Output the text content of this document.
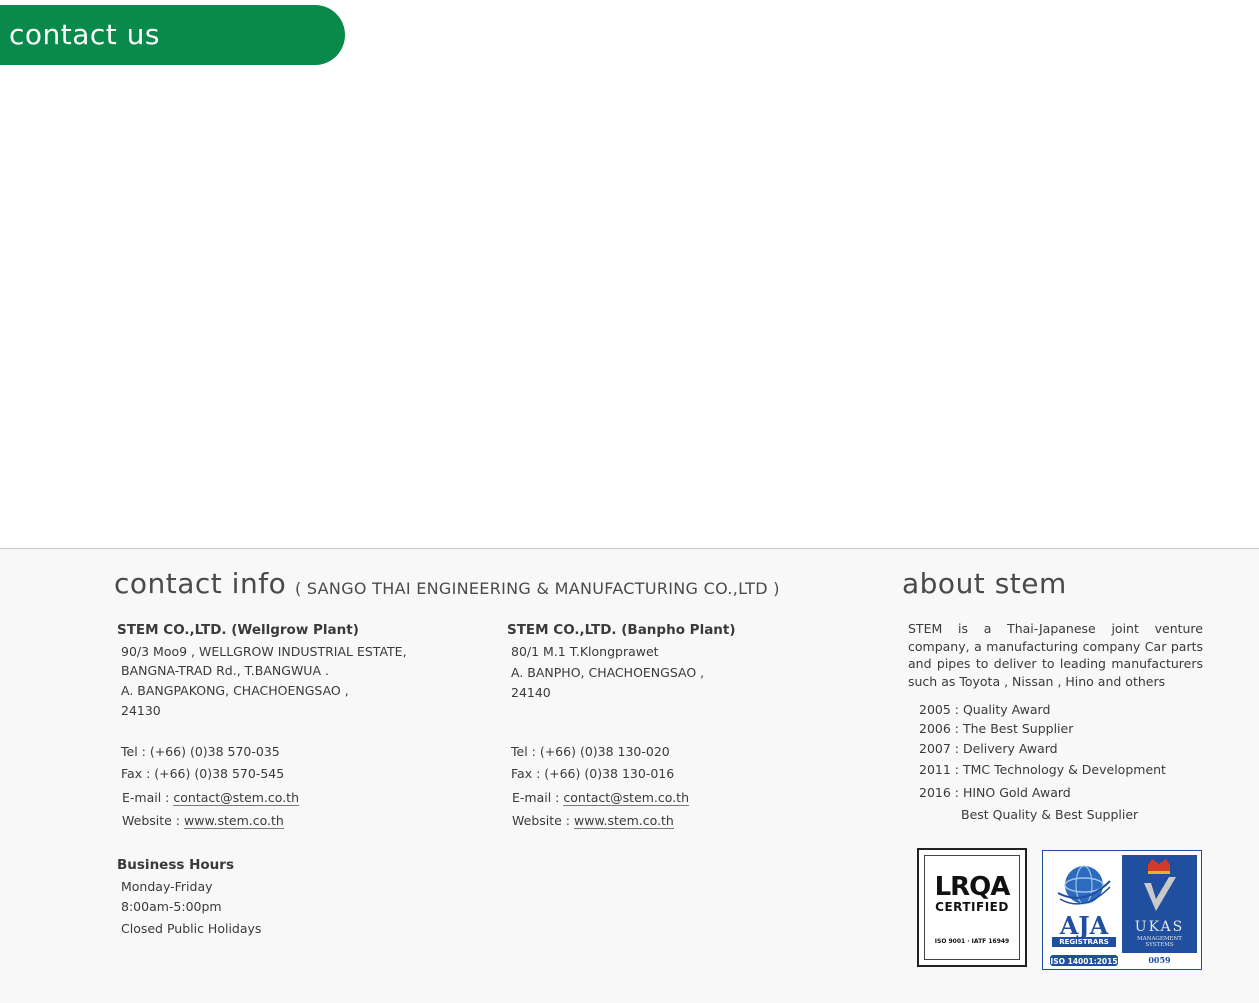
contact us
contact info ( SANGO THAI ENGINEERING & MANUFACTURING CO.,LTD )
STEM CO.,LTD. (Wellgrow Plant)
90/3 Moo9 , WELLGROW INDUSTRIAL ESTATE,
BANGNA-TRAD Rd., T.BANGWUA .
A. BANGPAKONG, CHACHOENGSAO ,
24130
Tel : (+66) (0)38 570-035
Fax : (+66) (0)38 570-545
E-mail : contact@stem.co.th
Website : www.stem.co.th
STEM CO.,LTD. (Banpho Plant)
80/1 M.1 T.Klongprawet
A. BANPHO, CHACHOENGSAO ,
24140
Tel : (+66) (0)38 130-020
Fax : (+66) (0)38 130-016
E-mail : contact@stem.co.th
Website : www.stem.co.th
Business Hours
Monday-Friday
8:00am-5:00pm
Closed Public Holidays
about stem
STEM is a Thai-Japanese joint venture company, a manufacturing company Car parts and pipes to deliver to leading manufacturers such as Toyota , Nissan , Hino and others
2005 : Quality Award
2006 : The Best Supplier
2007 : Delivery Award
2011 : TMC Technology & Development
2016 : HINO Gold Award
Best Quality & Best Supplier
LRQA
CERTIFIED
ISO 9001 · IATF 16949
AJA
REGISTRARS
ISO 14001:2015
UKAS
MANAGEMENT SYSTEMS
0059
